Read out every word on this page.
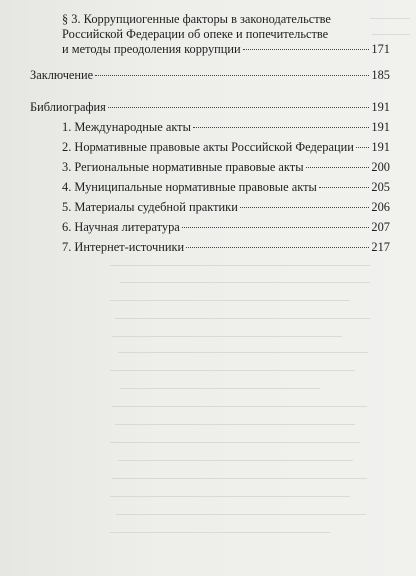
§ 3. Коррупциогенные факторы в законодательстве
Российской Федерации об опеке и попечительстве
и методы преодоления коррупции	171
Заключение	185
Библиография	191
1. Международные акты	191
2. Нормативные правовые акты Российской Федерации 191
3. Региональные нормативные правовые акты	200
4. Муниципальные нормативные правовые акты	205
5. Материалы судебной практики	206
6. Научная литература	207
7. Интернет-источники	217
